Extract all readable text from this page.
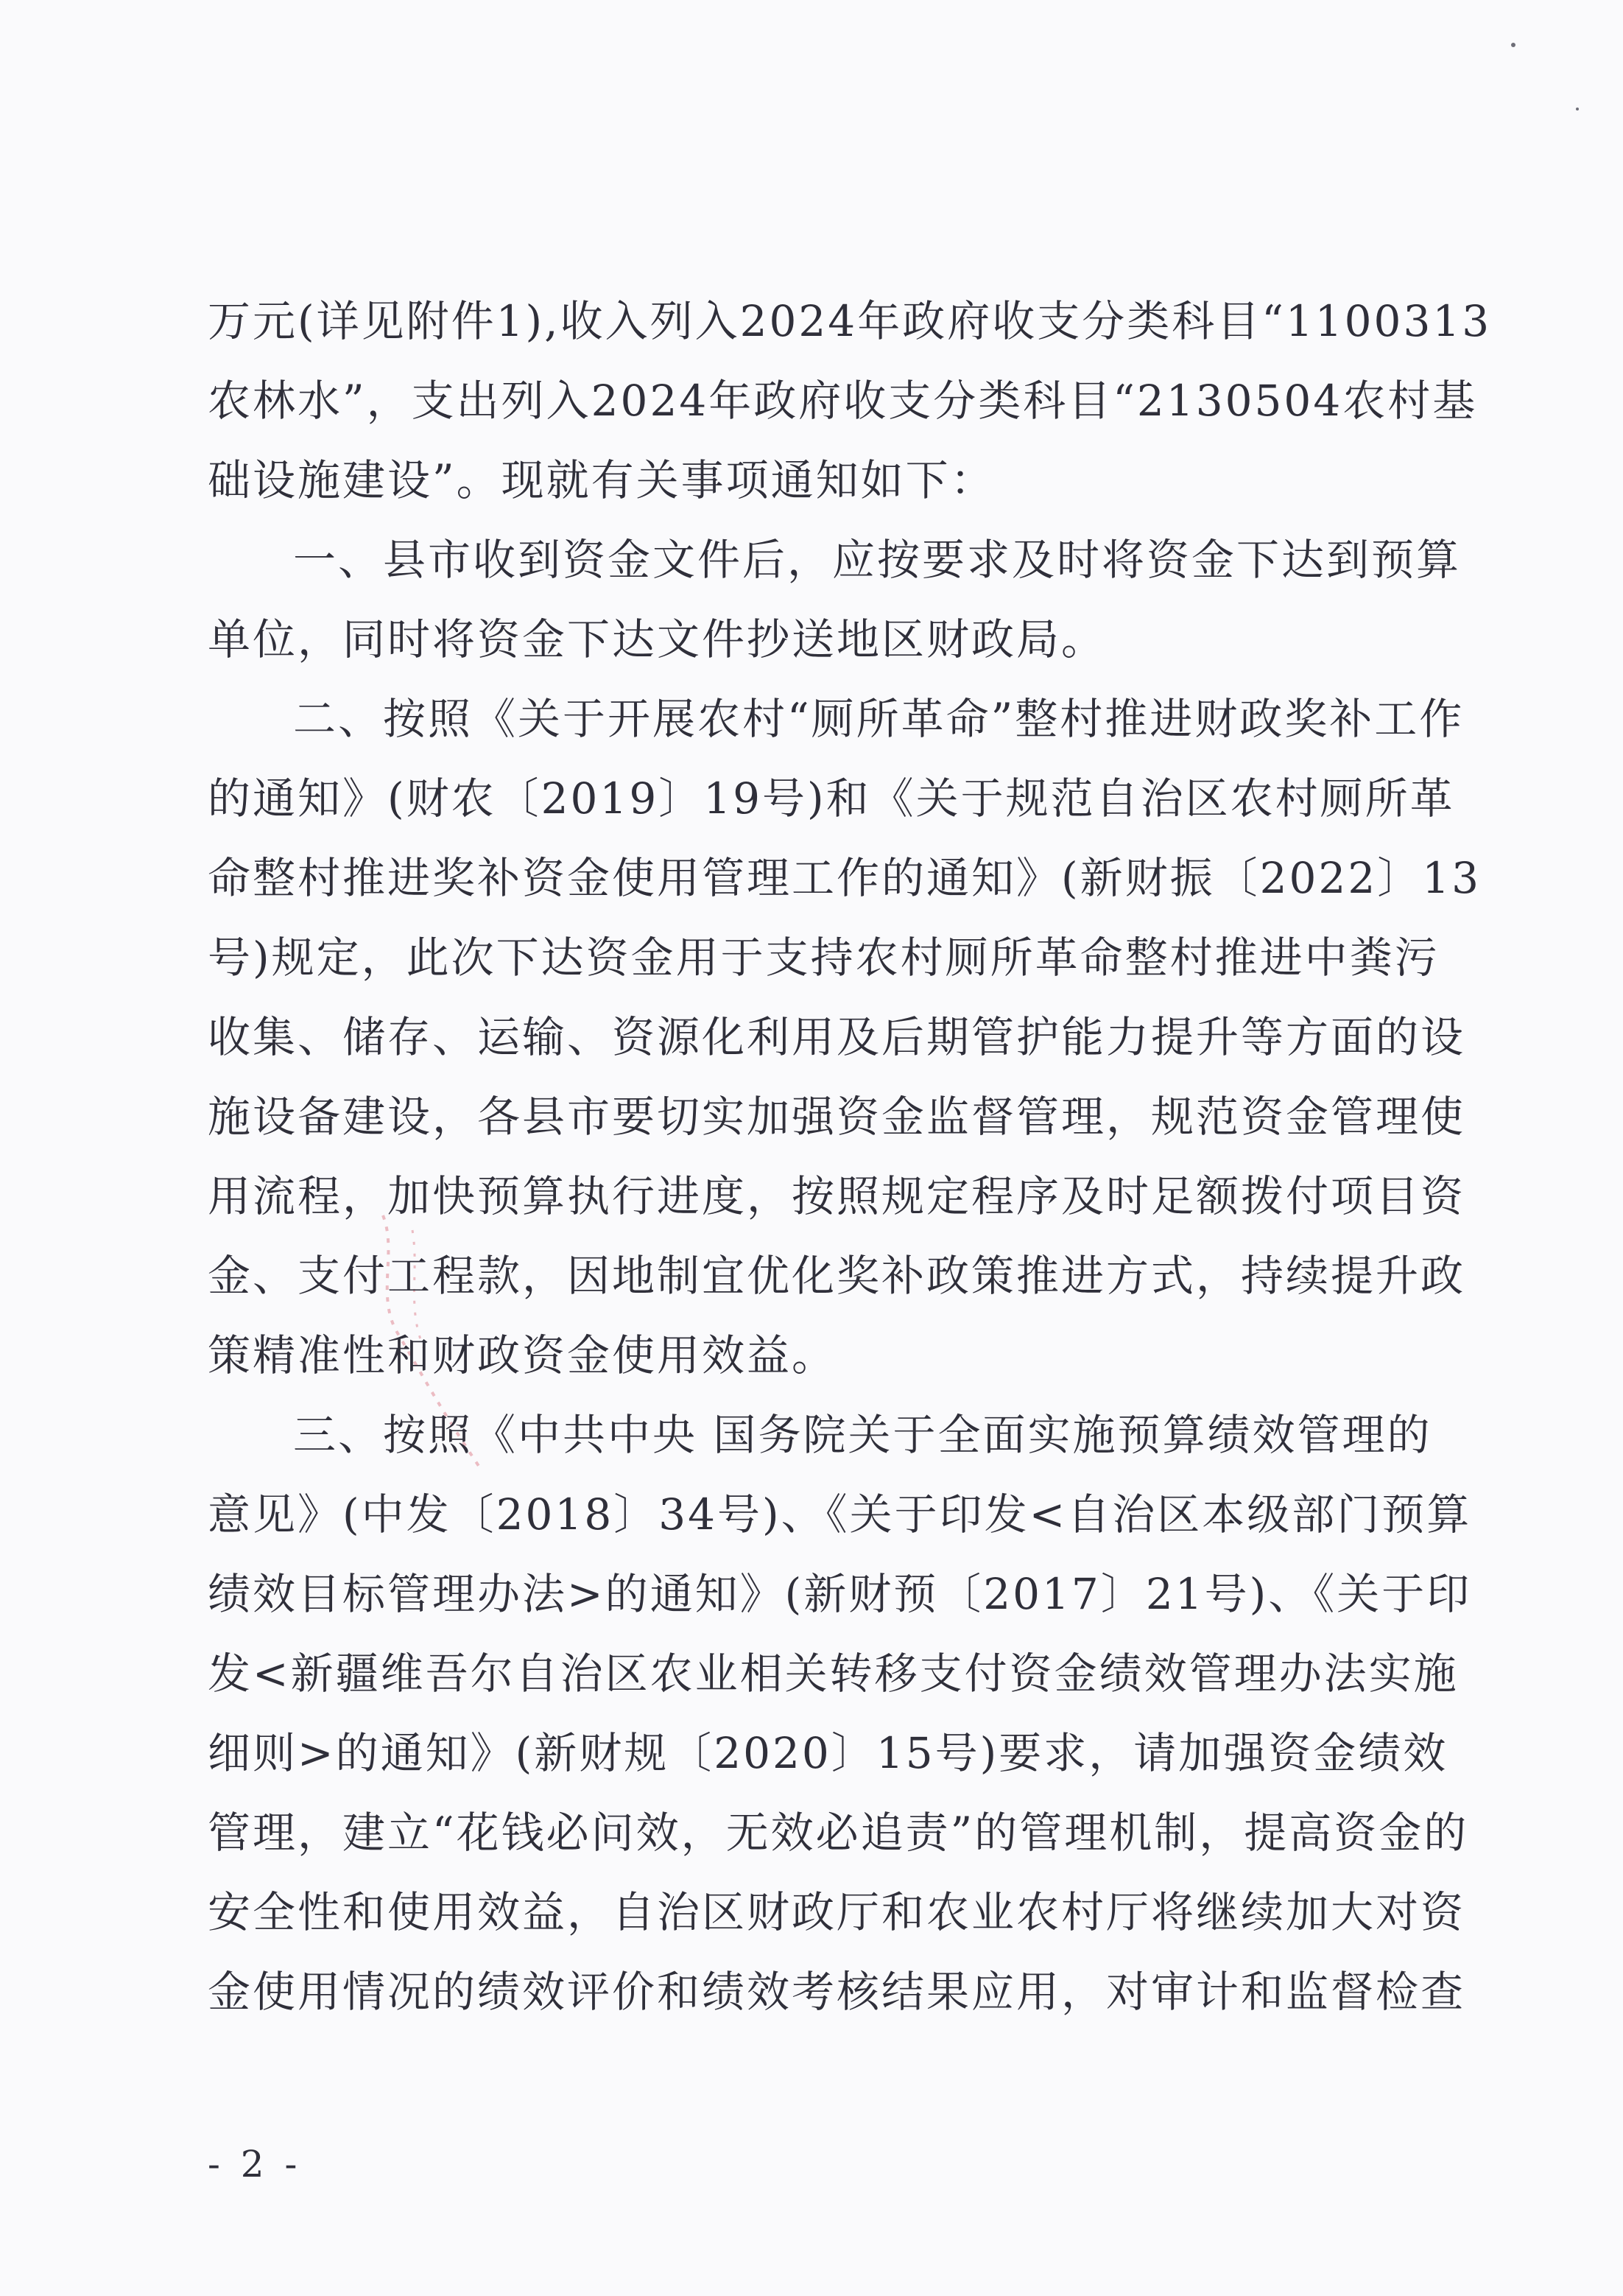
万元(详见附件1),收入列入2024年政府收支分类科目“1100313
农林水”，支出列入2024年政府收支分类科目“2130504农村基
础设施建设”。现就有关事项通知如下：
一、县市收到资金文件后，应按要求及时将资金下达到预算
单位，同时将资金下达文件抄送地区财政局。
二、按照《关于开展农村“厕所革命”整村推进财政奖补工作
的通知》(财农〔2019〕19号)和《关于规范自治区农村厕所革
命整村推进奖补资金使用管理工作的通知》(新财振〔2022〕13
号)规定，此次下达资金用于支持农村厕所革命整村推进中粪污
收集、储存、运输、资源化利用及后期管护能力提升等方面的设
施设备建设，各县市要切实加强资金监督管理，规范资金管理使
用流程，加快预算执行进度，按照规定程序及时足额拨付项目资
金、支付工程款，因地制宜优化奖补政策推进方式，持续提升政
策精准性和财政资金使用效益。
三、按照《中共中央 国务院关于全面实施预算绩效管理的
意见》(中发〔2018〕34号)、《关于印发<自治区本级部门预算
绩效目标管理办法>的通知》(新财预〔2017〕21号)、《关于印
发<新疆维吾尔自治区农业相关转移支付资金绩效管理办法实施
细则>的通知》(新财规〔2020〕15号)要求，请加强资金绩效
管理，建立“花钱必问效，无效必追责”的管理机制，提高资金的
安全性和使用效益，自治区财政厅和农业农村厅将继续加大对资
金使用情况的绩效评价和绩效考核结果应用，对审计和监督检查
- 2 -
